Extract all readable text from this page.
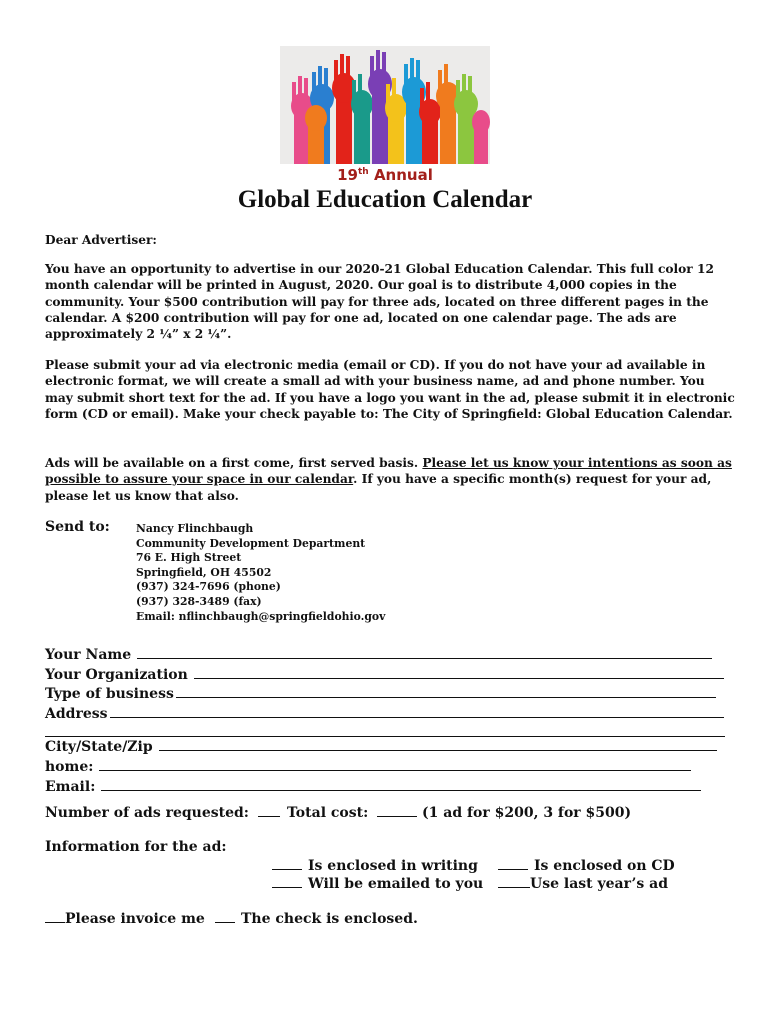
19th Annual
Global Education Calendar

Dear Advertiser:

You have an opportunity to advertise in our 2020-21 Global Education Calendar. This full color 12 month calendar will be printed in August, 2020. Our goal is to distribute 4,000 copies in the community. Your $500 contribution will pay for three ads, located on three different pages in the calendar. A $200 contribution will pay for one ad, located on one calendar page. The ads are approximately 2 ¼” x 2 ¼”.

Please submit your ad via electronic media (email or CD). If you do not have your ad available in electronic format, we will create a small ad with your business name, ad and phone number. You may submit short text for the ad. If you have a logo you want in the ad, please submit it in electronic form (CD or email). Make your check payable to: The City of Springfield: Global Education Calendar.

Ads will be available on a first come, first served basis. Please let us know your intentions as soon as possible to assure your space in our calendar. If you have a specific month(s) request for your ad, please let us know that also.

Send to: Nancy Flinchbaugh
Community Development Department
76 E. High Street
Springfield, OH 45502
(937) 324-7696 (phone)
(937) 328-3489 (fax)
Email: nflinchbaugh@springfieldohio.gov
Your Name
Your Organization
Type of business
Address
City/State/Zip
home:
Email:
Number of ads requested:	Total cost:	(1 ad for $200, 3 for $500)
Information for the ad:
Is enclosed in writing	Is enclosed on CD
Will be emailed to you	Use last year’s ad
Please invoice me	The check is enclosed.
